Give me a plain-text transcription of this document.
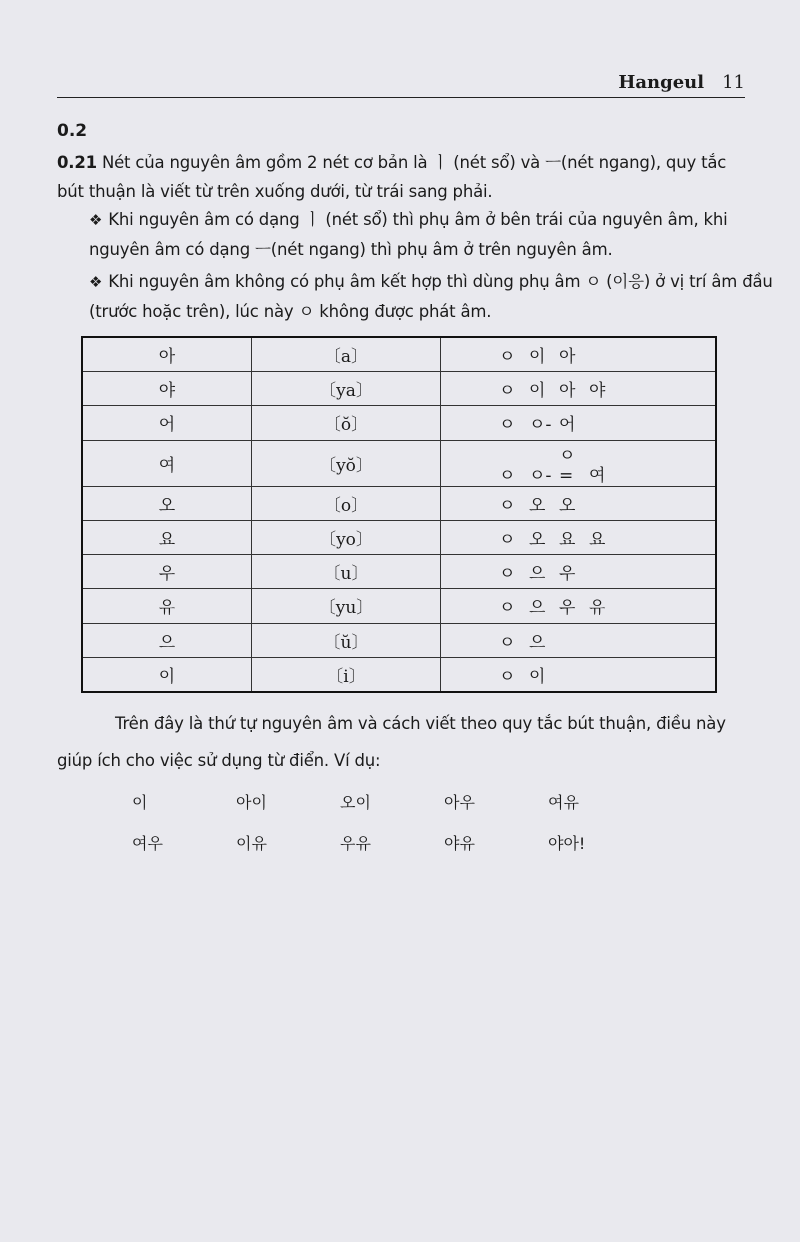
Hangeul 11
0.2
0.21 Nét của nguyên âm gồm 2 nét cơ bản là ㅣ (nét sổ) và ㅡ(nét ngang), quy tắc bút thuận là viết từ trên xuống dưới, từ trái sang phải.
❖ Khi nguyên âm có dạng ㅣ (nét sổ) thì phụ âm ở bên trái của nguyên âm, khi nguyên âm có dạng ㅡ(nét ngang) thì phụ âm ở trên nguyên âm.
❖ Khi nguyên âm không có phụ âm kết hợp thì dùng phụ âm ㅇ (이응) ở vị trí âm đầu (trước hoặc trên), lúc này ㅇ không được phát âm.
아	〔a〕	ㅇ 이 아
야	〔ya〕	ㅇ 이 아 야
어	〔ŏ〕	ㅇ ㅇ- 어
여	〔yŏ〕	ㅇ ㅇ-ㅇ= 여
오	〔o〕	ㅇ 오 오
요	〔yo〕	ㅇ 오 요 요
우	〔u〕	ㅇ 으 우
유	〔yu〕	ㅇ 으 우 유
으	〔ŭ〕	ㅇ 으
이	〔i〕	ㅇ 이
Trên đây là thứ tự nguyên âm và cách viết theo quy tắc bút thuận, điều này
giúp ích cho việc sử dụng từ điển. Ví dụ:
이	아이	오이	아우	여유
여우	이유	우유	야유	야아!
